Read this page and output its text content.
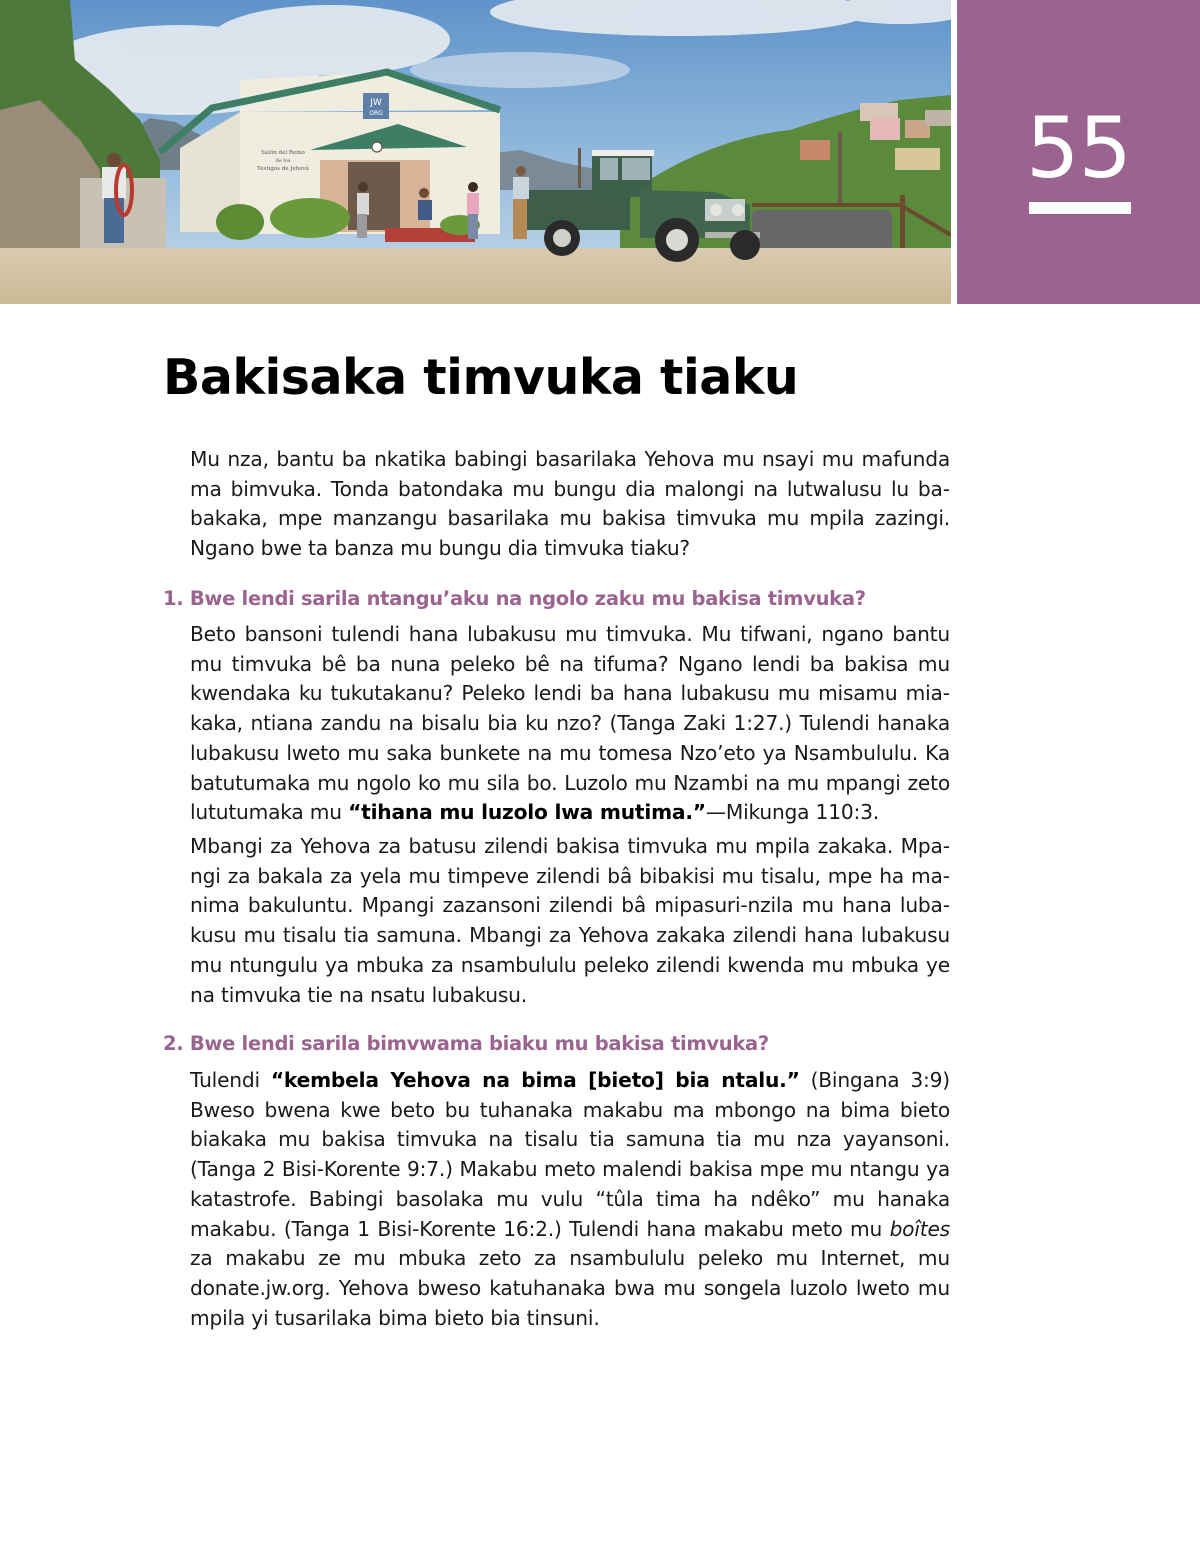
JW
ORG
Salón del Reino
de los
Testigos de Jehová	55
Bakisaka timvuka tiaku

Mu nza, bantu ba nkatika babingi basarilaka Yehova mu nsayi mu mafunda ma bimvuka. Tonda batondaka mu bungu dia malongi na lutwalusu lu babakaka, mpe manzangu basarilaka mu bakisa timvuka mu mpila zazingi. Ngano bwe ta banza mu bungu dia timvuka tiaku?

1. Bwe lendi sarila ntangu’aku na ngolo zaku mu bakisa timvuka?

Beto bansoni tulendi hana lubakusu mu timvuka. Mu tifwani, ngano bantu mu timvuka bê ba nuna peleko bê na tifuma? Ngano lendi ba bakisa mu kwendaka ku tukutakanu? Peleko lendi ba hana lubakusu mu misamu miakaka, ntiana zandu na bisalu bia ku nzo? (Tanga Zaki 1:27.) Tulendi hanaka lubakusu lweto mu saka bunkete na mu tomesa Nzo’eto ya Nsambululu. Ka batutumaka mu ngolo ko mu sila bo. Luzolo mu Nzambi na mu mpangi zeto lututumaka mu “tihana mu luzolo lwa mutima.”—Mikunga 110:3.

Mbangi za Yehova za batusu zilendi bakisa timvuka mu mpila zakaka. Mpangi za bakala za yela mu timpeve zilendi bâ bibakisi mu tisalu, mpe ha manima bakuluntu. Mpangi zazansoni zilendi bâ mipasuri-nzila mu hana lubakusu mu tisalu tia samuna. Mbangi za Yehova zakaka zilendi hana lubakusu mu ntungulu ya mbuka za nsambululu peleko zilendi kwenda mu mbuka ye na timvuka tie na nsatu lubakusu.

2. Bwe lendi sarila bimvwama biaku mu bakisa timvuka?

Tulendi “kembela Yehova na bima [bieto] bia ntalu.” (Bingana 3:9) Bweso bwena kwe beto bu tuhanaka makabu ma mbongo na bima bieto biakaka mu bakisa timvuka na tisalu tia samuna tia mu nza yayansoni. (Tanga 2 Bisi-Korente 9:7.) Makabu meto malendi bakisa mpe mu ntangu ya katastrofe. Babingi basolaka mu vulu “tûla tima ha ndêko” mu hanaka makabu. (Tanga 1 Bisi-Korente 16:2.) Tulendi hana makabu meto mu boîtes za makabu ze mu mbuka zeto za nsambululu peleko mu Internet, mu donate.jw.org. Yehova bweso katuhanaka bwa mu songela luzolo lweto mu mpila yi tusarilaka bima bieto bia tinsuni.
